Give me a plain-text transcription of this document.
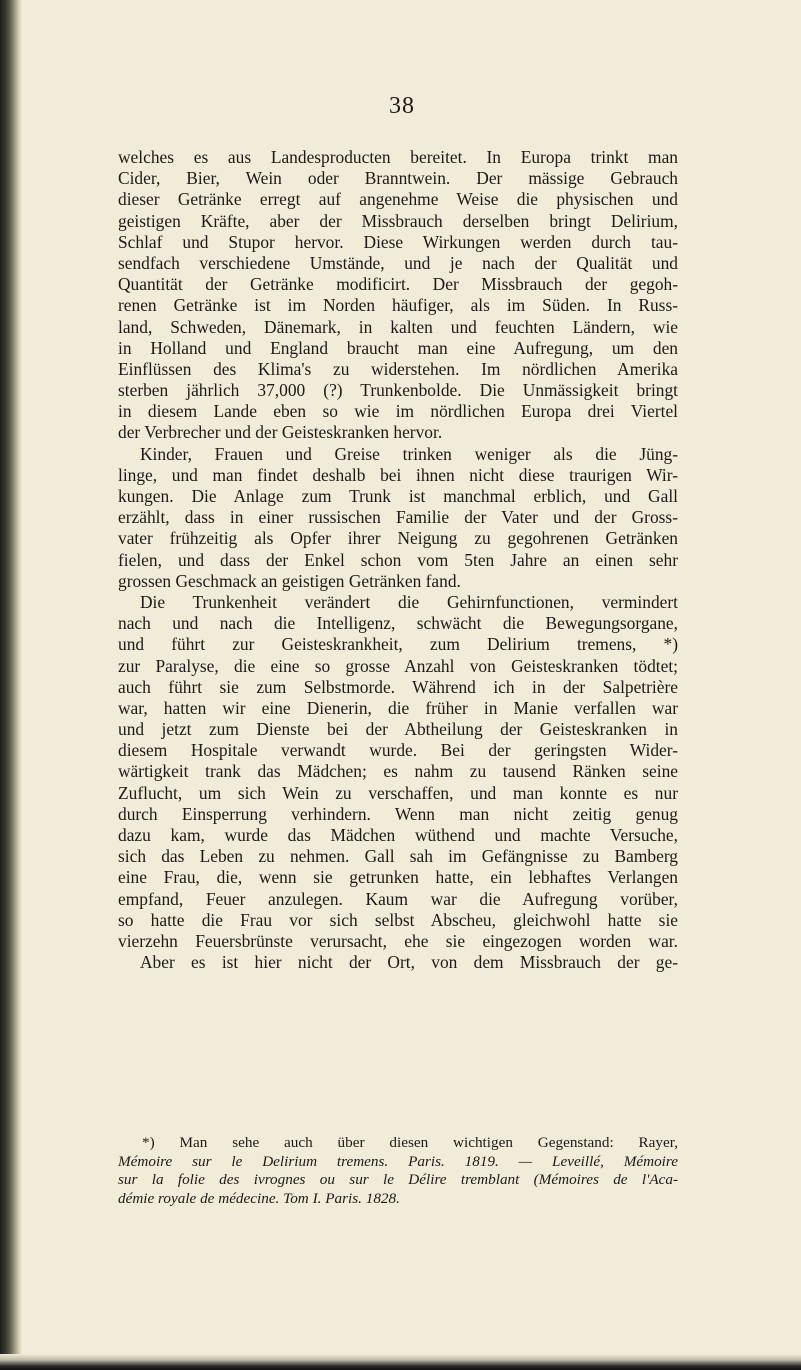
38
welches es aus Landesproducten bereitet. In Europa trinkt man
Cider, Bier, Wein oder Branntwein. Der mässige Gebrauch
dieser Getränke erregt auf angenehme Weise die physischen und
geistigen Kräfte, aber der Missbrauch derselben bringt Delirium,
Schlaf und Stupor hervor. Diese Wirkungen werden durch tau-
sendfach verschiedene Umstände, und je nach der Qualität und
Quantität der Getränke modificirt. Der Missbrauch der gegoh-
renen Getränke ist im Norden häufiger, als im Süden. In Russ-
land, Schweden, Dänemark, in kalten und feuchten Ländern, wie
in Holland und England braucht man eine Aufregung, um den
Einflüssen des Klima's zu widerstehen. Im nördlichen Amerika
sterben jährlich 37,000 (?) Trunkenbolde. Die Unmässigkeit bringt
in diesem Lande eben so wie im nördlichen Europa drei Viertel
der Verbrecher und der Geisteskranken hervor.
Kinder, Frauen und Greise trinken weniger als die Jüng-
linge, und man findet deshalb bei ihnen nicht diese traurigen Wir-
kungen. Die Anlage zum Trunk ist manchmal erblich, und Gall
erzählt, dass in einer russischen Familie der Vater und der Gross-
vater frühzeitig als Opfer ihrer Neigung zu gegohrenen Getränken
fielen, und dass der Enkel schon vom 5ten Jahre an einen sehr
grossen Geschmack an geistigen Getränken fand.
Die Trunkenheit verändert die Gehirnfunctionen, vermindert
nach und nach die Intelligenz, schwächt die Bewegungsorgane,
und führt zur Geisteskrankheit, zum Delirium tremens, *)
zur Paralyse, die eine so grosse Anzahl von Geisteskranken tödtet;
auch führt sie zum Selbstmorde. Während ich in der Salpetrière
war, hatten wir eine Dienerin, die früher in Manie verfallen war
und jetzt zum Dienste bei der Abtheilung der Geisteskranken in
diesem Hospitale verwandt wurde. Bei der geringsten Wider-
wärtigkeit trank das Mädchen; es nahm zu tausend Ränken seine
Zuflucht, um sich Wein zu verschaffen, und man konnte es nur
durch Einsperrung verhindern. Wenn man nicht zeitig genug
dazu kam, wurde das Mädchen wüthend und machte Versuche,
sich das Leben zu nehmen. Gall sah im Gefängnisse zu Bamberg
eine Frau, die, wenn sie getrunken hatte, ein lebhaftes Verlangen
empfand, Feuer anzulegen. Kaum war die Aufregung vorüber,
so hatte die Frau vor sich selbst Abscheu, gleichwohl hatte sie
vierzehn Feuersbrünste verursacht, ehe sie eingezogen worden war.
Aber es ist hier nicht der Ort, von dem Missbrauch der ge-
*) Man sehe auch über diesen wichtigen Gegenstand: Rayer,
Mémoire sur le Delirium tremens. Paris. 1819. — Leveillé, Mémoire
sur la folie des ivrognes ou sur le Délire tremblant (Mémoires de l'Aca-
démie royale de médecine. Tom I. Paris. 1828.
